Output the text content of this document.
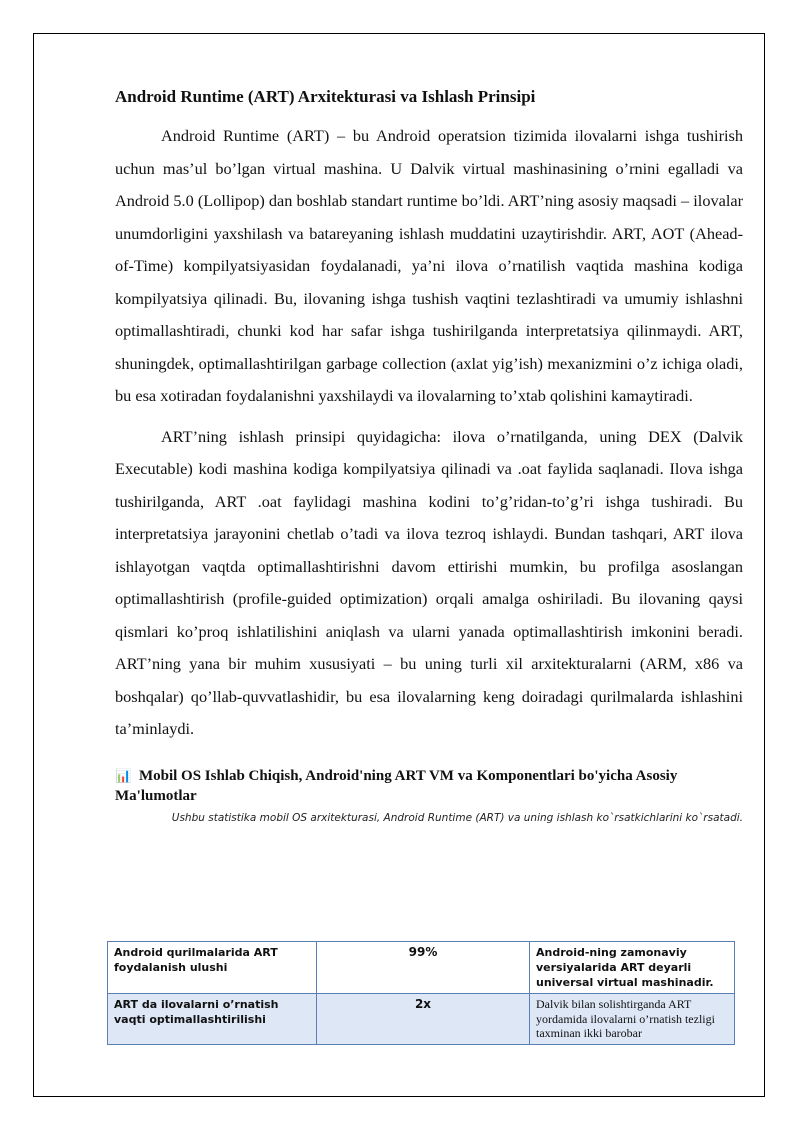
Android Runtime (ART) Arxitekturasi va Ishlash Prinsipi

Android Runtime (ART) – bu Android operatsion tizimida ilovalarni ishga tushirish uchun mas’ul bo’lgan virtual mashina. U Dalvik virtual mashinasining o’rnini egalladi va Android 5.0 (Lollipop) dan boshlab standart runtime bo’ldi. ART’ning asosiy maqsadi – ilovalar unumdorligini yaxshilash va batareyaning ishlash muddatini uzaytirishdir. ART, AOT (Ahead-of-Time) kompilyatsiyasidan foydalanadi, ya’ni ilova o’rnatilish vaqtida mashina kodiga kompilyatsiya qilinadi. Bu, ilovaning ishga tushish vaqtini tezlashtiradi va umumiy ishlashni optimallashtiradi, chunki kod har safar ishga tushirilganda interpretatsiya qilinmaydi. ART, shuningdek, optimallashtirilgan garbage collection (axlat yig’ish) mexanizmini o’z ichiga oladi, bu esa xotiradan foydalanishni yaxshilaydi va ilovalarning to’xtab qolishini kamaytiradi.

ART’ning ishlash prinsipi quyidagicha: ilova o’rnatilganda, uning DEX (Dalvik Executable) kodi mashina kodiga kompilyatsiya qilinadi va .oat faylida saqlanadi. Ilova ishga tushirilganda, ART .oat faylidagi mashina kodini to’g’ridan-to’g’ri ishga tushiradi. Bu interpretatsiya jarayonini chetlab o’tadi va ilova tezroq ishlaydi. Bundan tashqari, ART ilova ishlayotgan vaqtda optimallashtirishni davom ettirishi mumkin, bu profilga asoslangan optimallashtirish (profile-guided optimization) orqali amalga oshiriladi. Bu ilovaning qaysi qismlari ko’proq ishlatilishini aniqlash va ularni yanada optimallashtirish imkonini beradi. ART’ning yana bir muhim xususiyati – bu uning turli xil arxitekturalarni (ARM, x86 va boshqalar) qo’llab-quvvatlashidir, bu esa ilovalarning keng doiradagi qurilmalarda ishlashini ta’minlaydi.

📊 Mobil OS Ishlab Chiqish, Android'ning ART VM va Komponentlari bo'yicha Asosiy Ma'lumotlar
Ushbu statistika mobil OS arxitekturasi, Android Runtime (ART) va uning ishlash ko`rsatkichlarini ko`rsatadi.
Android qurilmalarida ART foydalanish ulushi	99%	Android-ning zamonaviy versiyalarida ART deyarli universal virtual mashinadir.
ART da ilovalarni o’rnatish vaqti optimallashtirilishi	2x	Dalvik bilan solishtirganda ART yordamida ilovalarni o’rnatish tezligi taxminan ikki barobar
